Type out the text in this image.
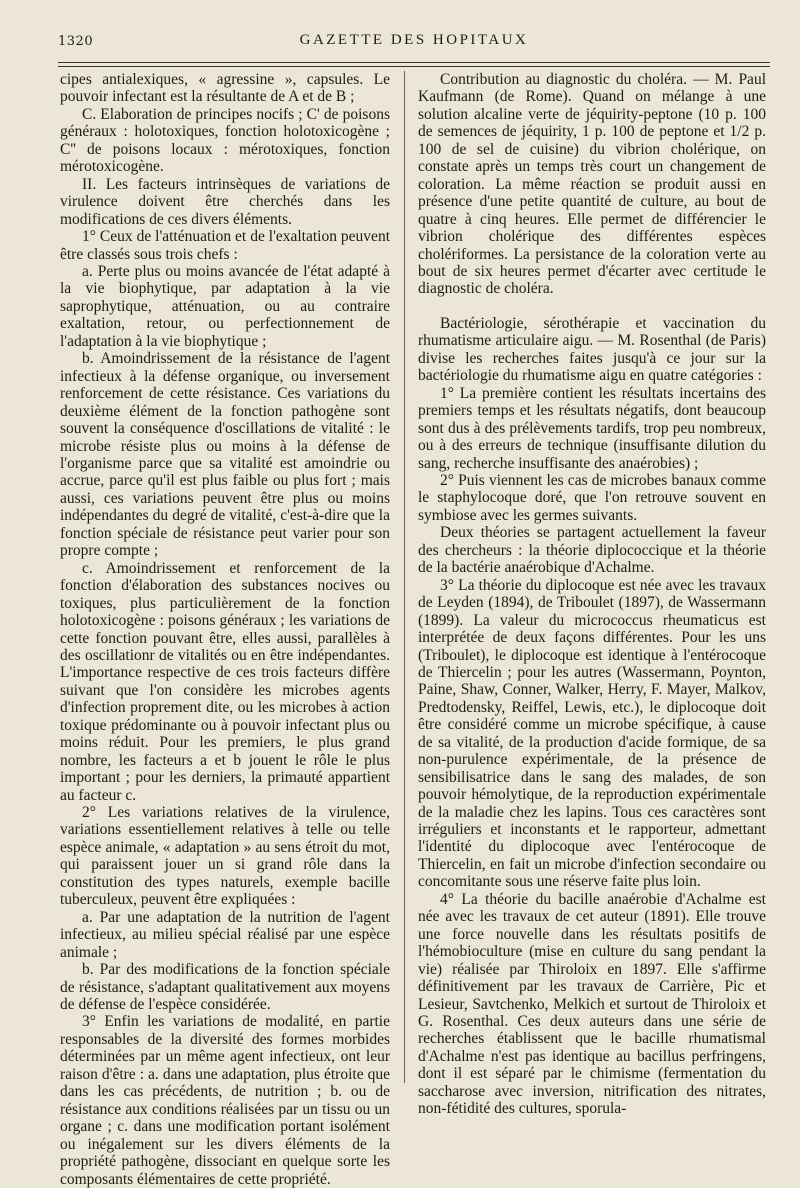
1320	GAZETTE DES HOPITAUX

cipes antialexiques, « agressine », capsules. Le pouvoir infectant est la résultante de A et de B ;

C. Elaboration de principes nocifs ; C' de poisons généraux : holotoxiques, fonction holotoxicogène ; C'' de poisons locaux : mérotoxiques, fonction mérotoxicogène.

II. Les facteurs intrinsèques de variations de virulence doivent être cherchés dans les modifications de ces divers éléments.

1° Ceux de l'atténuation et de l'exaltation peuvent être classés sous trois chefs :

a. Perte plus ou moins avancée de l'état adapté à la vie biophytique, par adaptation à la vie saprophytique, atténuation, ou au contraire exaltation, retour, ou perfectionnement de l'adaptation à la vie biophytique ;

b. Amoindrissement de la résistance de l'agent infectieux à la défense organique, ou inversement renforcement de cette résistance. Ces variations du deuxième élément de la fonction pathogène sont souvent la conséquence d'oscillations de vitalité : le microbe résiste plus ou moins à la défense de l'organisme parce que sa vitalité est amoindrie ou accrue, parce qu'il est plus faible ou plus fort ; mais aussi, ces variations peuvent être plus ou moins indépendantes du degré de vitalité, c'est-à-dire que la fonction spéciale de résistance peut varier pour son propre compte ;

c. Amoindrissement et renforcement de la fonction d'élaboration des substances nocives ou toxiques, plus particulièrement de la fonction holotoxicogène : poisons généraux ; les variations de cette fonction pouvant être, elles aussi, parallèles à des oscillationr de vitalités ou en être indépendantes. L'importance respective de ces trois facteurs diffère suivant que l'on considère les microbes agents d'infection proprement dite, ou les microbes à action toxique prédominante ou à pouvoir infectant plus ou moins réduit. Pour les premiers, le plus grand nombre, les facteurs a et b jouent le rôle le plus important ; pour les derniers, la primauté appartient au facteur c.

2° Les variations relatives de la virulence, variations essentiellement relatives à telle ou telle espèce animale, « adaptation » au sens étroit du mot, qui paraissent jouer un si grand rôle dans la constitution des types naturels, exemple bacille tuberculeux, peuvent être expliquées :

a. Par une adaptation de la nutrition de l'agent infectieux, au milieu spécial réalisé par une espèce animale ;

b. Par des modifications de la fonction spéciale de résistance, s'adaptant qualitativement aux moyens de défense de l'espèce considérée.

3° Enfin les variations de modalité, en partie responsables de la diversité des formes morbides déterminées par un même agent infectieux, ont leur raison d'être : a. dans une adaptation, plus étroite que dans les cas précédents, de nutrition ; b. ou de résistance aux conditions réalisées par un tissu ou un organe ; c. dans une modification portant isolément ou inégalement sur les divers éléments de la propriété pathogène, dissociant en quelque sorte les composants élémentaires de cette propriété.

Contribution au diagnostic du choléra. — M. Paul Kaufmann (de Rome). Quand on mélange à une solution alcaline verte de jéquirity-peptone (10 p. 100 de semences de jéquirity, 1 p. 100 de peptone et 1/2 p. 100 de sel de cuisine) du vibrion cholérique, on constate après un temps très court un changement de coloration. La même réaction se produit aussi en présence d'une petite quantité de culture, au bout de quatre à cinq heures. Elle permet de différencier le vibrion cholérique des différentes espèces cholériformes. La persistance de la coloration verte au bout de six heures permet d'écarter avec certitude le diagnostic de choléra.

Bactériologie, sérothérapie et vaccination du rhumatisme articulaire aigu. — M. Rosenthal (de Paris) divise les recherches faites jusqu'à ce jour sur la bactériologie du rhumatisme aigu en quatre catégories :

1° La première contient les résultats incertains des premiers temps et les résultats négatifs, dont beaucoup sont dus à des prélèvements tardifs, trop peu nombreux, ou à des erreurs de technique (insuffisante dilution du sang, recherche insuffisante des anaérobies) ;

2° Puis viennent les cas de microbes banaux comme le staphylocoque doré, que l'on retrouve souvent en symbiose avec les germes suivants.

Deux théories se partagent actuellement la faveur des chercheurs : la théorie diplococcique et la théorie de la bactérie anaérobique d'Achalme.

3° La théorie du diplocoque est née avec les travaux de Leyden (1894), de Triboulet (1897), de Wassermann (1899). La valeur du micrococcus rheumaticus est interprétée de deux façons différentes. Pour les uns (Triboulet), le diplocoque est identique à l'entérocoque de Thiercelin ; pour les autres (Wassermann, Poynton, Paine, Shaw, Conner, Walker, Herry, F. Mayer, Malkov, Predtodensky, Reiffel, Lewis, etc.), le diplocoque doit être considéré comme un microbe spécifique, à cause de sa vitalité, de la production d'acide formique, de sa non-purulence expérimentale, de la présence de sensibilisatrice dans le sang des malades, de son pouvoir hémolytique, de la reproduction expérimentale de la maladie chez les lapins. Tous ces caractères sont irréguliers et inconstants et le rapporteur, admettant l'identité du diplocoque avec l'entérocoque de Thiercelin, en fait un microbe d'infection secondaire ou concomitante sous une réserve faite plus loin.

4° La théorie du bacille anaérobie d'Achalme est née avec les travaux de cet auteur (1891). Elle trouve une force nouvelle dans les résultats positifs de l'hémobioculture (mise en culture du sang pendant la vie) réalisée par Thiroloix en 1897. Elle s'affirme définitivement par les travaux de Carrière, Pic et Lesieur, Savtchenko, Melkich et surtout de Thiroloix et G. Rosenthal. Ces deux auteurs dans une série de recherches établissent que le bacille rhumatismal d'Achalme n'est pas identique au bacillus perfringens, dont il est séparé par le chimisme (fermentation du saccharose avec inversion, nitrification des nitrates, non-fétidité des cultures, sporula-
